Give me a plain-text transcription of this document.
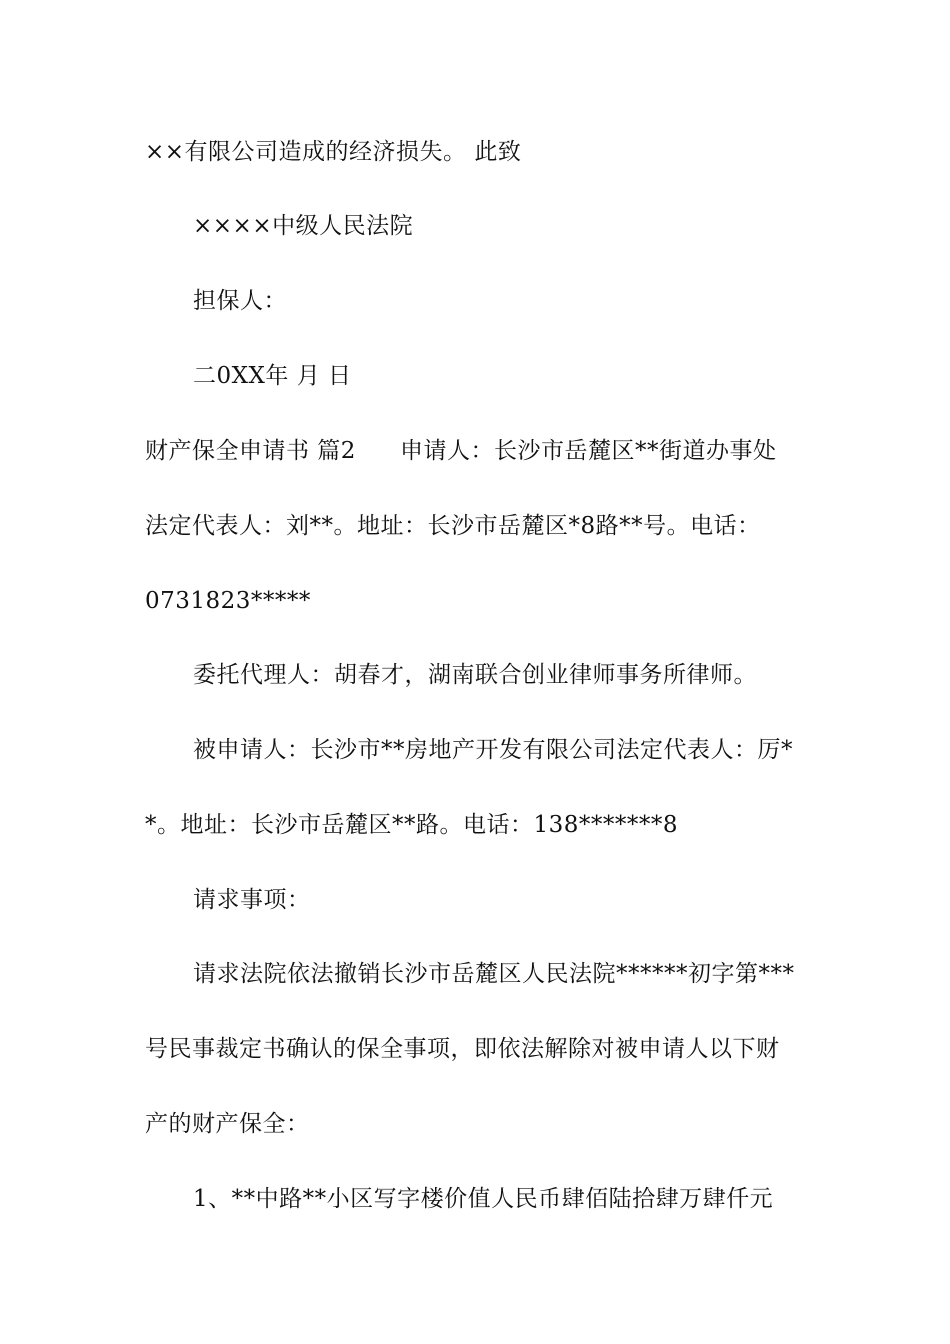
××有限公司造成的经济损失。 此致
××××中级人民法院
担保人：
二0XX年 月 日
财产保全申请书 篇2 申请人：长沙市岳麓区**街道办事处
法定代表人：刘**。地址：长沙市岳麓区*8路**号。电话：
0731823*****
委托代理人：胡春才，湖南联合创业律师事务所律师。
被申请人：长沙市**房地产开发有限公司法定代表人：厉*
*。地址：长沙市岳麓区**路。电话：138*******8
请求事项：
请求法院依法撤销长沙市岳麓区人民法院******初字第***
号民事裁定书确认的保全事项，即依法解除对被申请人以下财
产的财产保全：
1、**中路**小区写字楼价值人民币肆佰陆拾肆万肆仟元
